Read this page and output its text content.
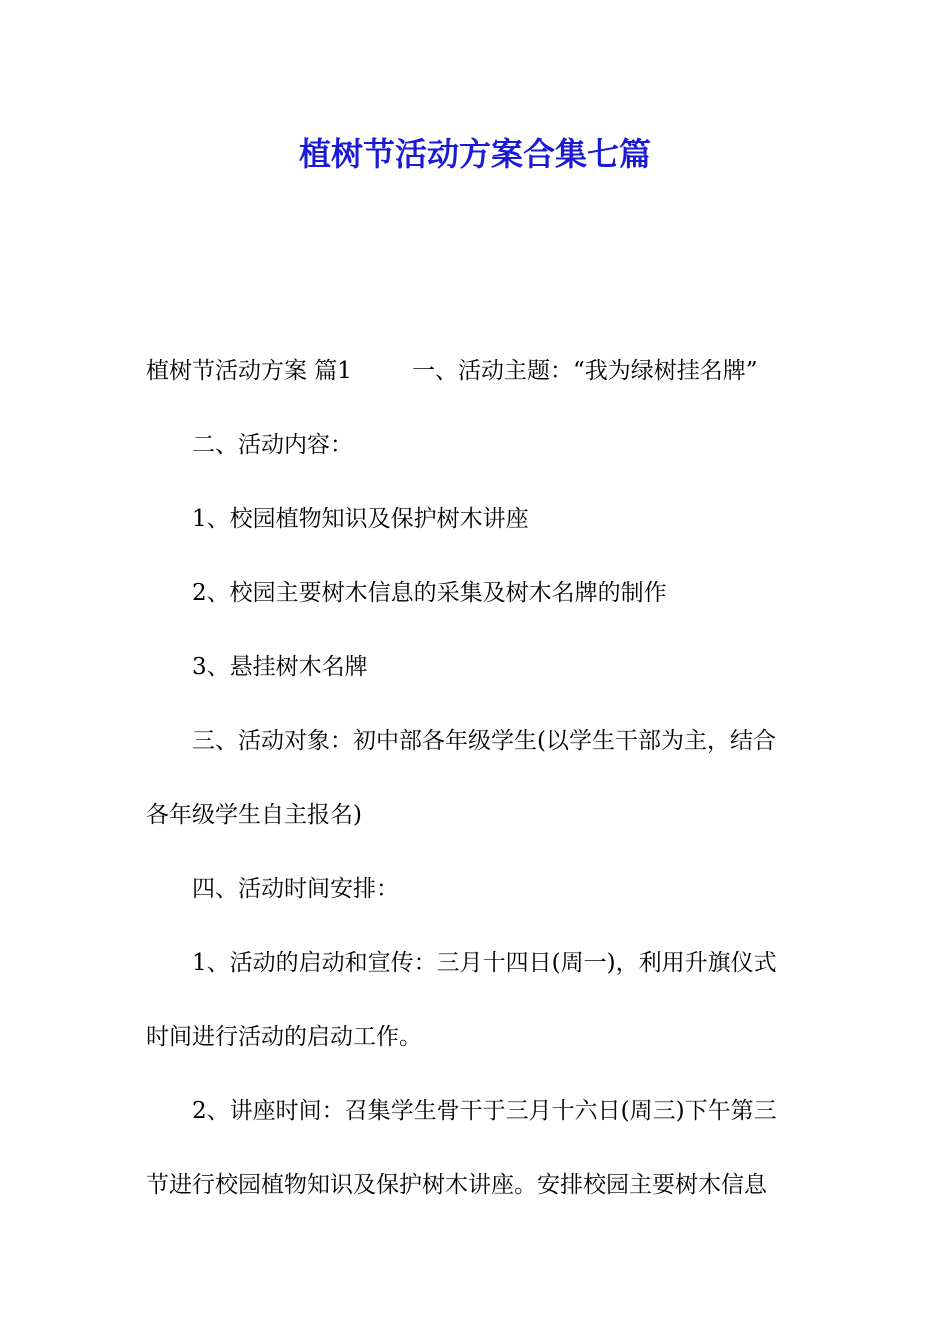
植树节活动方案合集七篇
植树节活动方案 篇1	一、活动主题：“我为绿树挂名牌”
二、活动内容：
1、校园植物知识及保护树木讲座
2、校园主要树木信息的采集及树木名牌的制作
3、悬挂树木名牌
三、活动对象：初中部各年级学生(以学生干部为主，结合
各年级学生自主报名)
四、活动时间安排：
1、活动的启动和宣传：三月十四日(周一)，利用升旗仪式
时间进行活动的启动工作。
2、讲座时间：召集学生骨干于三月十六日(周三)下午第三
节进行校园植物知识及保护树木讲座。安排校园主要树木信息
